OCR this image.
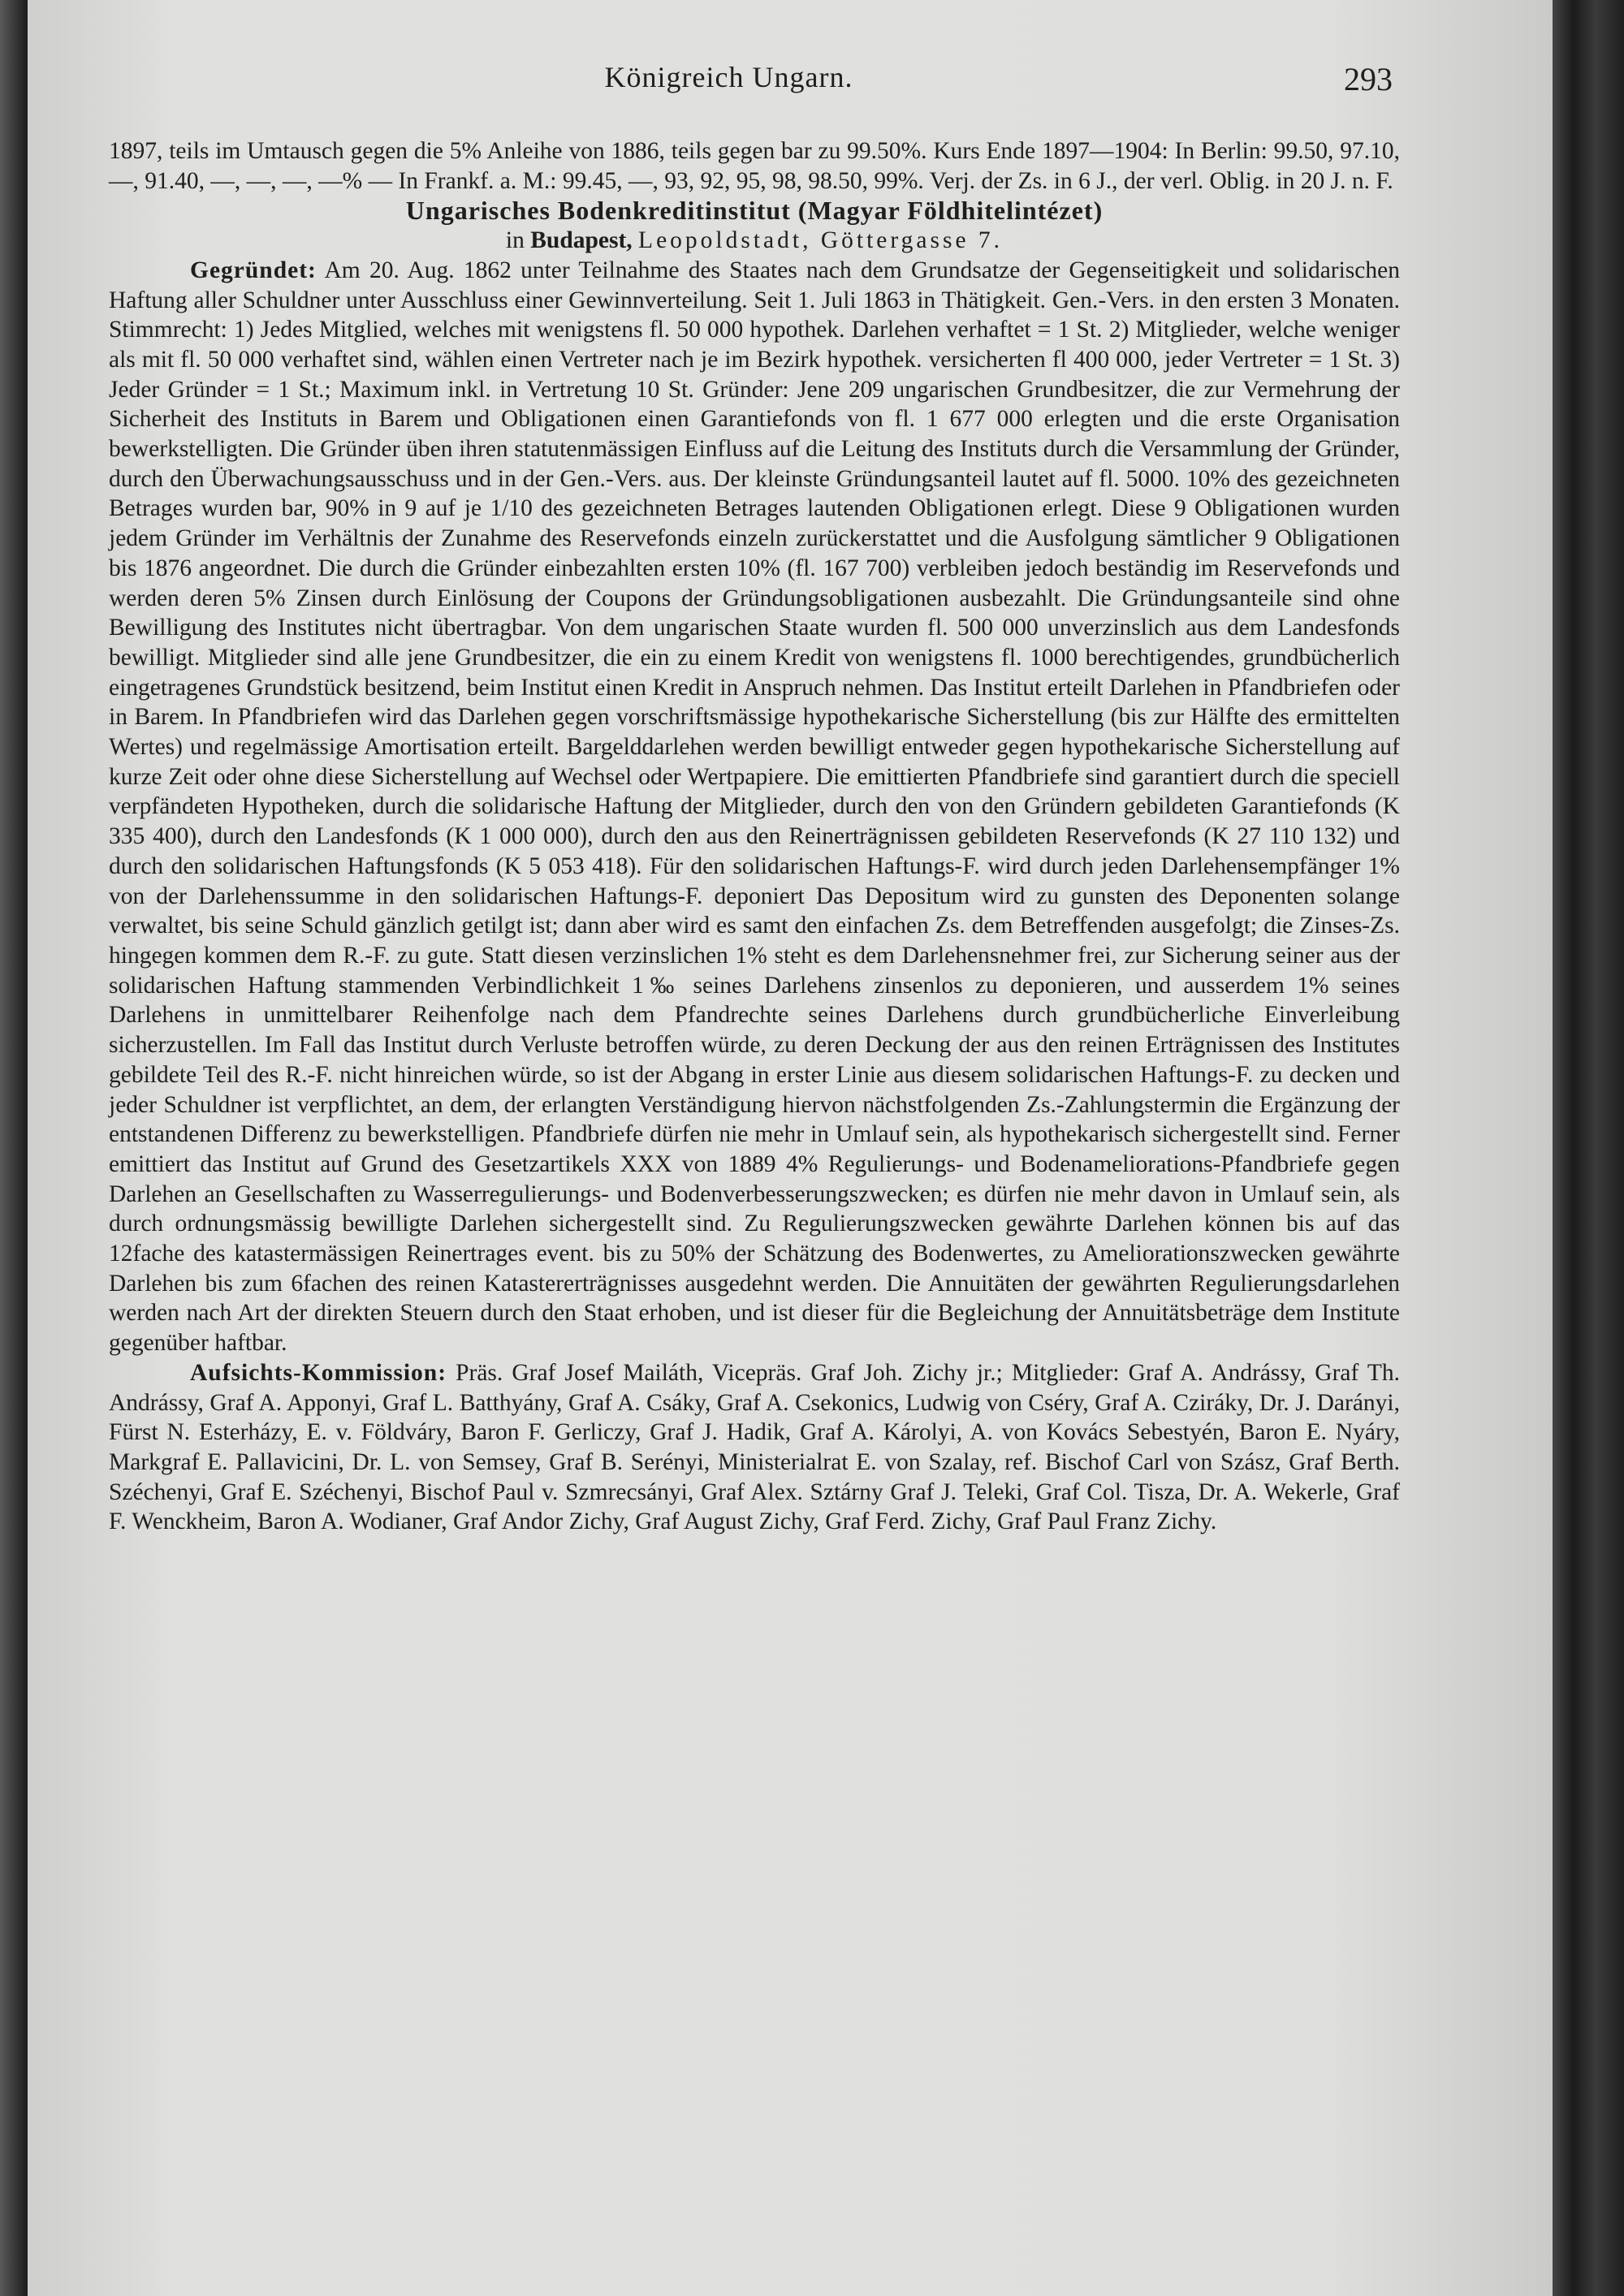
Königreich Ungarn.	293

1897, teils im Umtausch gegen die 5% Anleihe von 1886, teils gegen bar zu 99.50%. Kurs Ende 1897—1904: In Berlin: 99.50, 97.10, —, 91.40, —, —, —, —% — In Frankf. a. M.: 99.45, —, 93, 92, 95, 98, 98.50, 99%. Verj. der Zs. in 6 J., der verl. Oblig. in 20 J. n. F.

Ungarisches Bodenkreditinstitut (Magyar Földhitelintézet)

in Budapest, Leopoldstadt, Göttergasse 7.

Gegründet: Am 20. Aug. 1862 unter Teilnahme des Staates nach dem Grundsatze der Gegenseitigkeit und solidarischen Haftung aller Schuldner unter Ausschluss einer Gewinnverteilung. Seit 1. Juli 1863 in Thätigkeit. Gen.-Vers. in den ersten 3 Monaten. Stimmrecht: 1) Jedes Mitglied, welches mit wenigstens fl. 50 000 hypothek. Darlehen verhaftet = 1 St. 2) Mitglieder, welche weniger als mit fl. 50 000 verhaftet sind, wählen einen Vertreter nach je im Bezirk hypothek. versicherten fl 400 000, jeder Vertreter = 1 St. 3) Jeder Gründer = 1 St.; Maximum inkl. in Vertretung 10 St. Gründer: Jene 209 ungarischen Grundbesitzer, die zur Vermehrung der Sicherheit des Instituts in Barem und Obligationen einen Garantiefonds von fl. 1 677 000 erlegten und die erste Organisation bewerkstelligten. Die Gründer üben ihren statutenmässigen Einfluss auf die Leitung des Instituts durch die Versammlung der Gründer, durch den Überwachungsausschuss und in der Gen.-Vers. aus. Der kleinste Gründungsanteil lautet auf fl. 5000. 10% des gezeichneten Betrages wurden bar, 90% in 9 auf je 1/10 des gezeichneten Betrages lautenden Obligationen erlegt. Diese 9 Obligationen wurden jedem Gründer im Verhältnis der Zunahme des Reservefonds einzeln zurückerstattet und die Ausfolgung sämtlicher 9 Obligationen bis 1876 angeordnet. Die durch die Gründer einbezahlten ersten 10% (fl. 167 700) verbleiben jedoch beständig im Reservefonds und werden deren 5% Zinsen durch Einlösung der Coupons der Gründungsobligationen ausbezahlt. Die Gründungsanteile sind ohne Bewilligung des Institutes nicht übertragbar. Von dem ungarischen Staate wurden fl. 500 000 unverzinslich aus dem Landesfonds bewilligt. Mitglieder sind alle jene Grundbesitzer, die ein zu einem Kredit von wenigstens fl. 1000 berechtigendes, grundbücherlich eingetragenes Grundstück besitzend, beim Institut einen Kredit in Anspruch nehmen. Das Institut erteilt Darlehen in Pfandbriefen oder in Barem. In Pfandbriefen wird das Darlehen gegen vorschriftsmässige hypothekarische Sicherstellung (bis zur Hälfte des ermittelten Wertes) und regelmässige Amortisation erteilt. Bargelddarlehen werden bewilligt entweder gegen hypothekarische Sicherstellung auf kurze Zeit oder ohne diese Sicherstellung auf Wechsel oder Wertpapiere. Die emittierten Pfandbriefe sind garantiert durch die speciell verpfändeten Hypotheken, durch die solidarische Haftung der Mitglieder, durch den von den Gründern gebildeten Garantiefonds (K 335 400), durch den Landesfonds (K 1 000 000), durch den aus den Reinerträgnissen gebildeten Reservefonds (K 27 110 132) und durch den solidarischen Haftungsfonds (K 5 053 418). Für den solidarischen Haftungs-F. wird durch jeden Darlehensempfänger 1% von der Darlehenssumme in den solidarischen Haftungs-F. deponiert Das Depositum wird zu gunsten des Deponenten solange verwaltet, bis seine Schuld gänzlich getilgt ist; dann aber wird es samt den einfachen Zs. dem Betreffenden ausgefolgt; die Zinses-Zs. hingegen kommen dem R.-F. zu gute. Statt diesen verzinslichen 1% steht es dem Darlehensnehmer frei, zur Sicherung seiner aus der solidarischen Haftung stammenden Verbindlichkeit 1‰ seines Darlehens zinsenlos zu deponieren, und ausserdem 1% seines Darlehens in unmittelbarer Reihenfolge nach dem Pfandrechte seines Darlehens durch grundbücherliche Einverleibung sicherzustellen. Im Fall das Institut durch Verluste betroffen würde, zu deren Deckung der aus den reinen Erträgnissen des Institutes gebildete Teil des R.-F. nicht hinreichen würde, so ist der Abgang in erster Linie aus diesem solidarischen Haftungs-F. zu decken und jeder Schuldner ist verpflichtet, an dem, der erlangten Verständigung hiervon nächstfolgenden Zs.-Zahlungstermin die Ergänzung der entstandenen Differenz zu bewerkstelligen. Pfandbriefe dürfen nie mehr in Umlauf sein, als hypothekarisch sichergestellt sind. Ferner emittiert das Institut auf Grund des Gesetzartikels XXX von 1889 4% Regulierungs- und Bodenameliorations-Pfandbriefe gegen Darlehen an Gesellschaften zu Wasserregulierungs- und Bodenverbesserungszwecken; es dürfen nie mehr davon in Umlauf sein, als durch ordnungsmässig bewilligte Darlehen sichergestellt sind. Zu Regulierungszwecken gewährte Darlehen können bis auf das 12fache des katastermässigen Reinertrages event. bis zu 50% der Schätzung des Bodenwertes, zu Ameliorationszwecken gewährte Darlehen bis zum 6fachen des reinen Katastererträgnisses ausgedehnt werden. Die Annuitäten der gewährten Regulierungsdarlehen werden nach Art der direkten Steuern durch den Staat erhoben, und ist dieser für die Begleichung der Annuitätsbeträge dem Institute gegenüber haftbar.

Aufsichts-Kommission: Präs. Graf Josef Mailáth, Vicepräs. Graf Joh. Zichy jr.; Mitglieder: Graf A. Andrássy, Graf Th. Andrássy, Graf A. Apponyi, Graf L. Batthyány, Graf A. Csáky, Graf A. Csekonics, Ludwig von Cséry, Graf A. Cziráky, Dr. J. Darányi, Fürst N. Esterházy, E. v. Földváry, Baron F. Gerliczy, Graf J. Hadik, Graf A. Károlyi, A. von Kovács Sebestyén, Baron E. Nyáry, Markgraf E. Pallavicini, Dr. L. von Semsey, Graf B. Serényi, Ministerialrat E. von Szalay, ref. Bischof Carl von Szász, Graf Berth. Széchenyi, Graf E. Széchenyi, Bischof Paul v. Szmrecsányi, Graf Alex. Sztárny Graf J. Teleki, Graf Col. Tisza, Dr. A. Wekerle, Graf F. Wenckheim, Baron A. Wodianer, Graf Andor Zichy, Graf August Zichy, Graf Ferd. Zichy, Graf Paul Franz Zichy.
